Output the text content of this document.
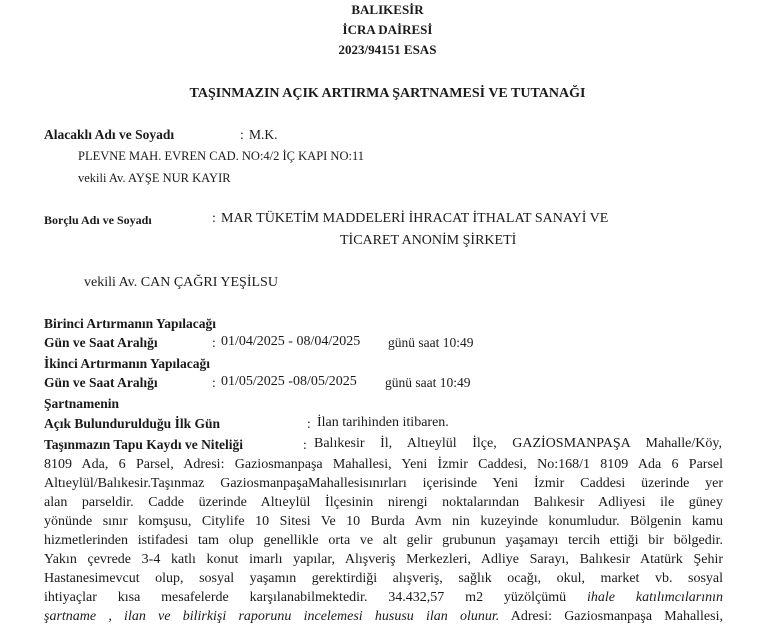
BALIKESİR
İCRA DAİRESİ
2023/94151 ESAS
TAŞINMAZIN AÇIK ARTIRMA ŞARTNAMESİ VE TUTANAĞI
Alacaklı Adı ve Soyadı	: M.K.
PLEVNE MAH. EVREN CAD. NO:4/2 İÇ KAPI NO:11
vekili Av. AYŞE NUR KAYIR
Borçlu Adı ve Soyadı	: MAR TÜKETİM MADDELERİ İHRACAT İTHALAT SANAYİ VE
TİCARET ANONİM ŞİRKETİ
vekili Av. CAN ÇAĞRI YEŞİLSU
Birinci Artırmanın Yapılacağı
Gün ve Saat Aralığı	: 01/04/2025 - 08/04/2025 günü saat 10:49
İkinci Artırmanın Yapılacağı
Gün ve Saat Aralığı	: 01/05/2025 -08/05/2025 günü saat 10:49
Şartnamenin
Açık Bulundurulduğu İlk Gün	: İlan tarihinden itibaren.
Taşınmazın Tapu Kaydı ve Niteliği	: Balıkesir İl, Altıeylül İlçe, GAZİOSMANPAŞA Mahalle/Köy,
8109 Ada, 6 Parsel, Adresi: Gaziosmanpaşa Mahallesi, Yeni İzmir Caddesi, No:168/1 8109 Ada 6 Parsel
Altıeylül/Balıkesir.Taşınmaz GaziosmanpaşaMahallesisınırları içerisinde Yeni İzmir Caddesi üzerinde yer
alan parseldir. Cadde üzerinde Altıeylül İlçesinin nirengi noktalarından Balıkesir Adliyesi ile güney
yönünde sınır komşusu, Citylife 10 Sitesi Ve 10 Burda Avm nin kuzeyinde konumludur. Bölgenin kamu
hizmetlerinden istifadesi tam olup genellikle orta ve alt gelir grubunun yaşamayı tercih ettiği bir bölgedir.
Yakın çevrede 3-4 katlı konut imarlı yapılar, Alışveriş Merkezleri, Adliye Sarayı, Balıkesir Atatürk Şehir
Hastanesimevcut olup, sosyal yaşamın gerektirdiği alışveriş, sağlık ocağı, okul, market vb. sosyal
ihtiyaçlar kısa mesafelerde karşılanabilmektedir. 34.432,57 m2 yüzölçümü ihale katılımcılarının
şartname , ilan ve bilirkişi raporunu incelemesi hususu ilan olunur. Adresi: Gaziosmanpaşa Mahallesi,
